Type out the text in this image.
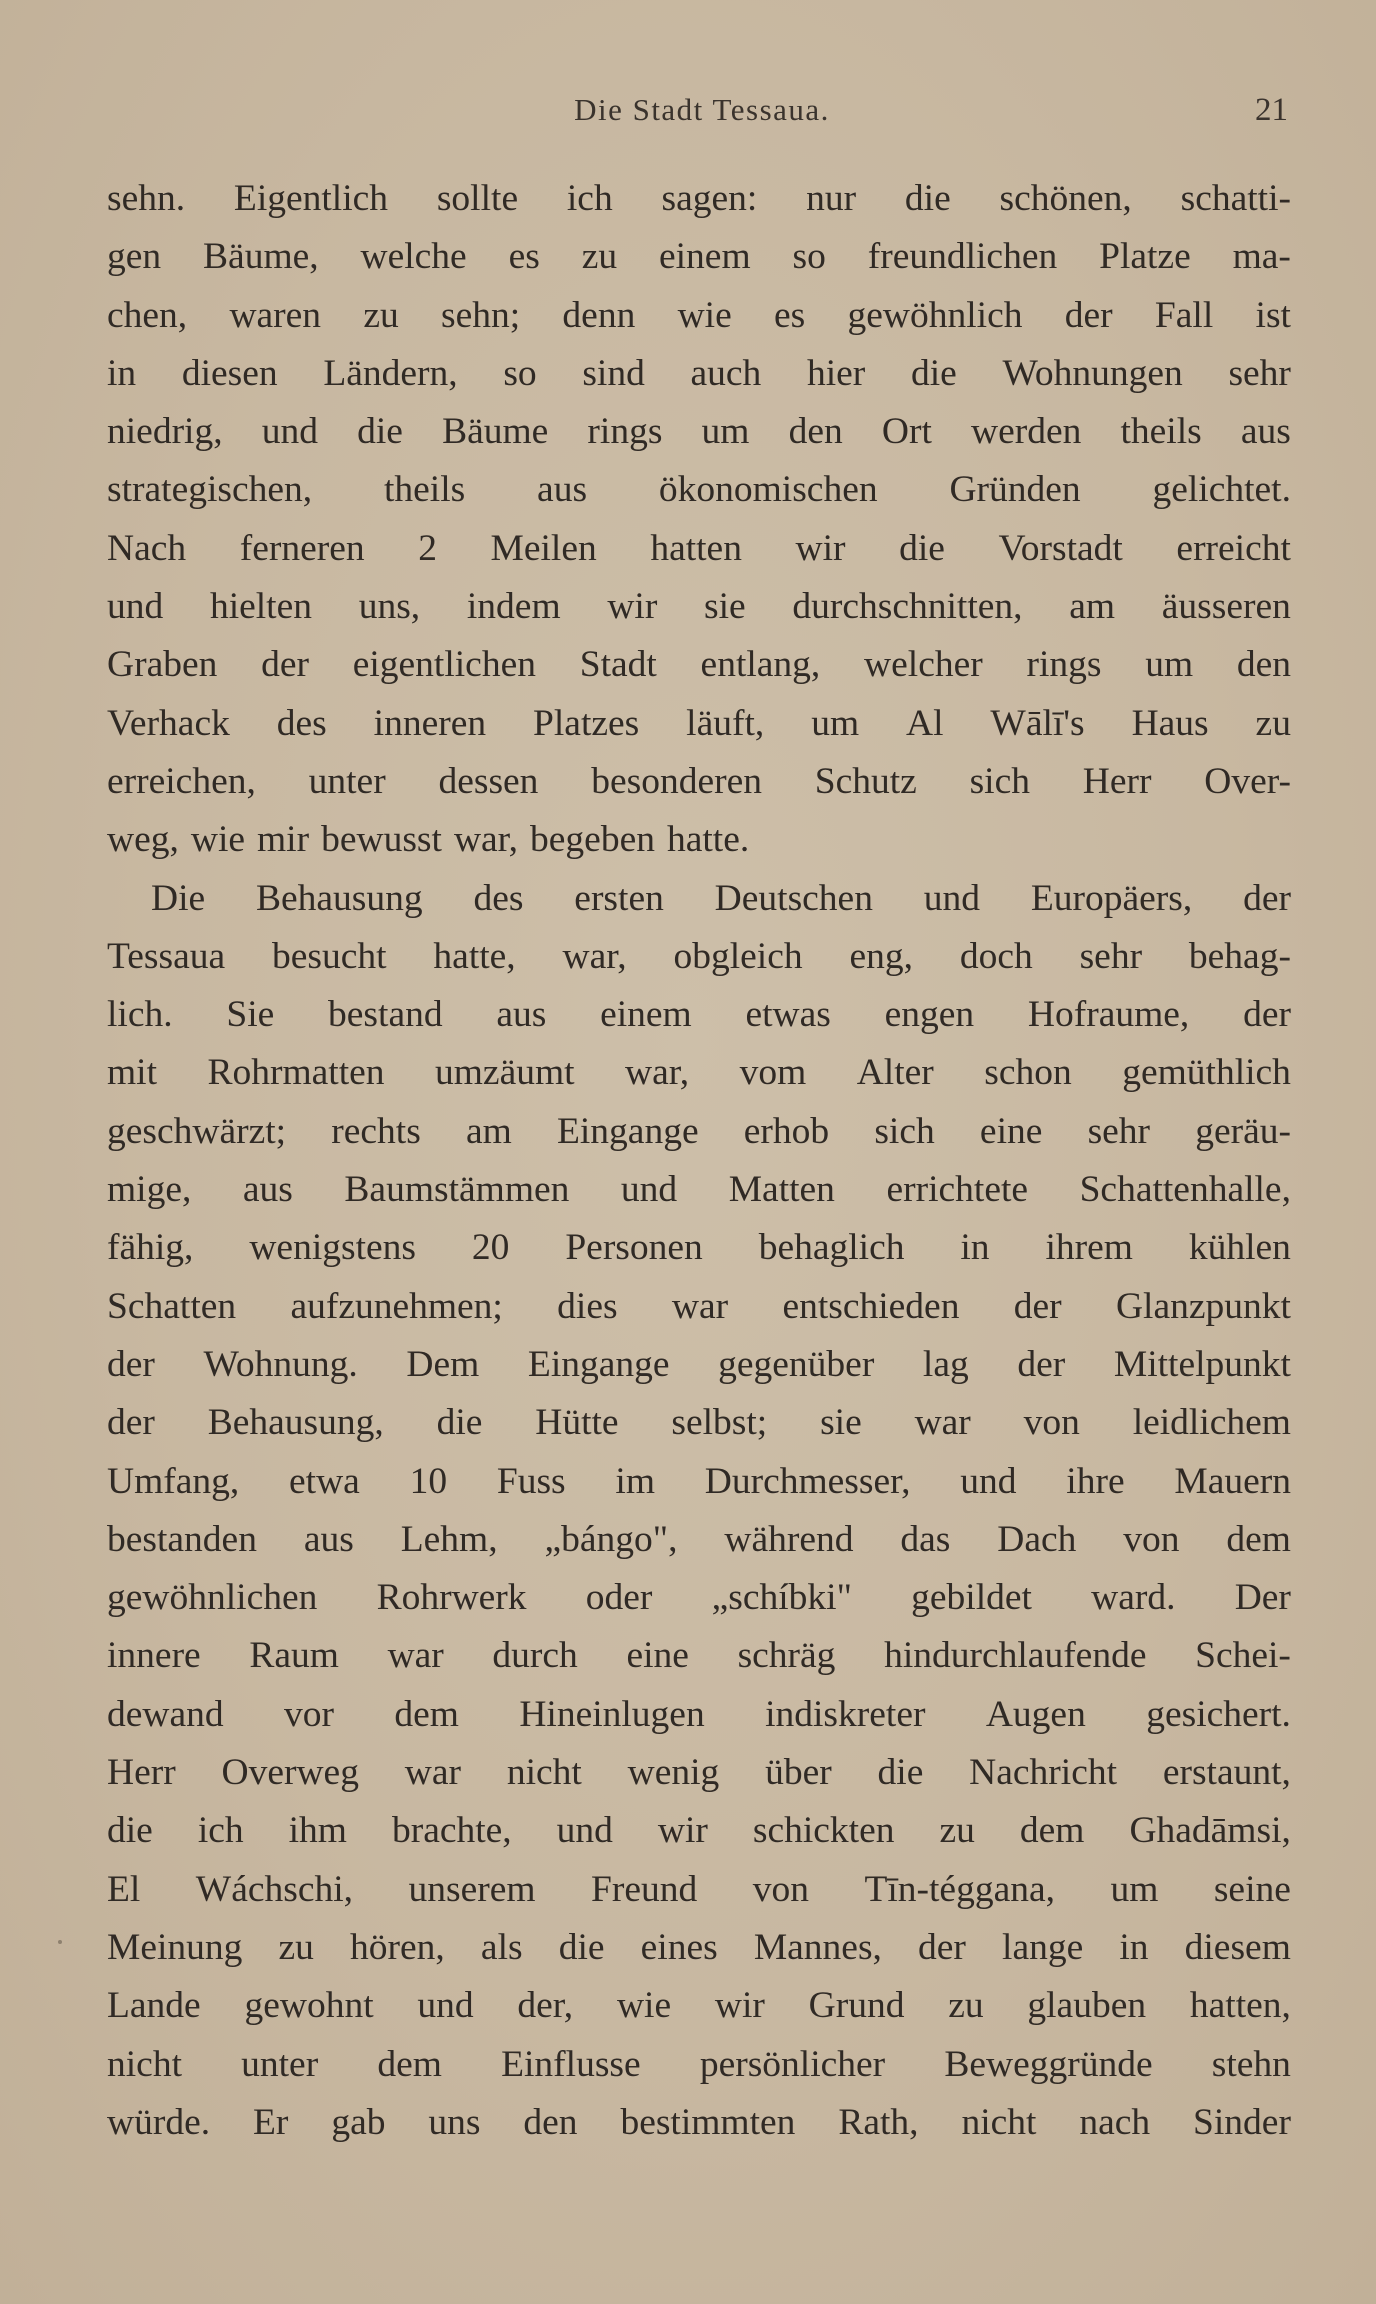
Die Stadt Tessaua.	21
sehn. Eigentlich sollte ich sagen: nur die schönen, schatti-
gen Bäume, welche es zu einem so freundlichen Platze ma-
chen, waren zu sehn; denn wie es gewöhnlich der Fall ist
in diesen Ländern, so sind auch hier die Wohnungen sehr
niedrig, und die Bäume rings um den Ort werden theils aus
strategischen, theils aus ökonomischen Gründen gelichtet.
Nach ferneren 2 Meilen hatten wir die Vorstadt erreicht
und hielten uns, indem wir sie durchschnitten, am äusseren
Graben der eigentlichen Stadt entlang, welcher rings um den
Verhack des inneren Platzes läuft, um Al Wālī's Haus zu
erreichen, unter dessen besonderen Schutz sich Herr Over-
weg, wie mir bewusst war, begeben hatte.
Die Behausung des ersten Deutschen und Europäers, der
Tessaua besucht hatte, war, obgleich eng, doch sehr behag-
lich. Sie bestand aus einem etwas engen Hofraume, der
mit Rohrmatten umzäumt war, vom Alter schon gemüthlich
geschwärzt; rechts am Eingange erhob sich eine sehr geräu-
mige, aus Baumstämmen und Matten errichtete Schattenhalle,
fähig, wenigstens 20 Personen behaglich in ihrem kühlen
Schatten aufzunehmen; dies war entschieden der Glanzpunkt
der Wohnung. Dem Eingange gegenüber lag der Mittelpunkt
der Behausung, die Hütte selbst; sie war von leidlichem
Umfang, etwa 10 Fuss im Durchmesser, und ihre Mauern
bestanden aus Lehm, „bángo", während das Dach von dem
gewöhnlichen Rohrwerk oder „schíbki" gebildet ward. Der
innere Raum war durch eine schräg hindurchlaufende Schei-
dewand vor dem Hineinlugen indiskreter Augen gesichert.
Herr Overweg war nicht wenig über die Nachricht erstaunt,
die ich ihm brachte, und wir schickten zu dem Ghadāmsi,
El Wáchschi, unserem Freund von Tīn-téggana, um seine
Meinung zu hören, als die eines Mannes, der lange in diesem
Lande gewohnt und der, wie wir Grund zu glauben hatten,
nicht unter dem Einflusse persönlicher Beweggründe stehn
würde. Er gab uns den bestimmten Rath, nicht nach Sinder
